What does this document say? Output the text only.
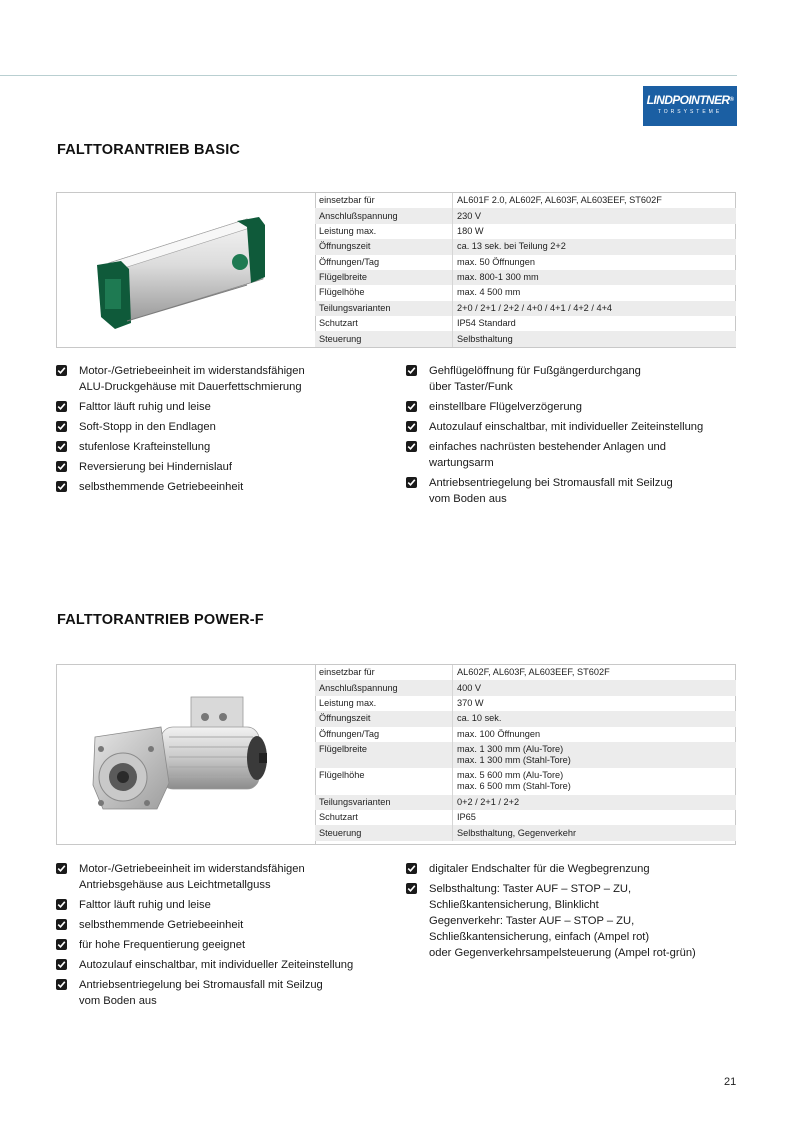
LINDPOINTNER®
TORSYSTEME
FALTTORANTRIEB BASIC
einsetzbar für	AL601F 2.0, AL602F, AL603F, AL603EEF, ST602F
Anschlußspannung	230 V
Leistung max.	180 W
Öffnungszeit	ca. 13 sek. bei Teilung 2+2
Öffnungen/Tag	max. 50 Öffnungen
Flügelbreite	max. 800-1 300 mm
Flügelhöhe	max. 4 500 mm
Teilungsvarianten	2+0 / 2+1 / 2+2 / 4+0 / 4+1 / 4+2 / 4+4
Schutzart	IP54 Standard
Steuerung	Selbsthaltung
Motor-/Getriebeeinheit im widerstandsfähigen
ALU-Druckgehäuse mit Dauerfettschmierung
Falttor läuft ruhig und leise
Soft-Stopp in den Endlagen
stufenlose Krafteinstellung
Reversierung bei Hindernislauf
selbsthemmende Getriebeeinheit
Gehflügelöffnung für Fußgängerdurchgang
über Taster/Funk
einstellbare Flügelverzögerung
Autozulauf einschaltbar, mit individueller Zeiteinstellung
einfaches nachrüsten bestehender Anlagen und
wartungsarm
Antriebsentriegelung bei Stromausfall mit Seilzug
vom Boden aus
FALTTORANTRIEB POWER-F
einsetzbar für	AL602F, AL603F, AL603EEF, ST602F
Anschlußspannung	400 V
Leistung max.	370 W
Öffnungszeit	ca. 10 sek.
Öffnungen/Tag	max. 100 Öffnungen
Flügelbreite	max. 1 300 mm (Alu-Tore)
max. 1 300 mm (Stahl-Tore)
Flügelhöhe	max. 5 600 mm (Alu-Tore)
max. 6 500 mm (Stahl-Tore)
Teilungsvarianten	0+2 / 2+1 / 2+2
Schutzart	IP65
Steuerung	Selbsthaltung, Gegenverkehr
Motor-/Getriebeeinheit im widerstandsfähigen
Antriebsgehäuse aus Leichtmetallguss
Falttor läuft ruhig und leise
selbsthemmende Getriebeeinheit
für hohe Frequentierung geeignet
Autozulauf einschaltbar, mit individueller Zeiteinstellung
Antriebsentriegelung bei Stromausfall mit Seilzug
vom Boden aus
digitaler Endschalter für die Wegbegrenzung
Selbsthaltung: Taster AUF – STOP – ZU,
Schließkantensicherung, Blinklicht
Gegenverkehr: Taster AUF – STOP – ZU,
Schließkantensicherung, einfach (Ampel rot)
oder Gegenverkehrsampelsteuerung (Ampel rot-grün)
21
